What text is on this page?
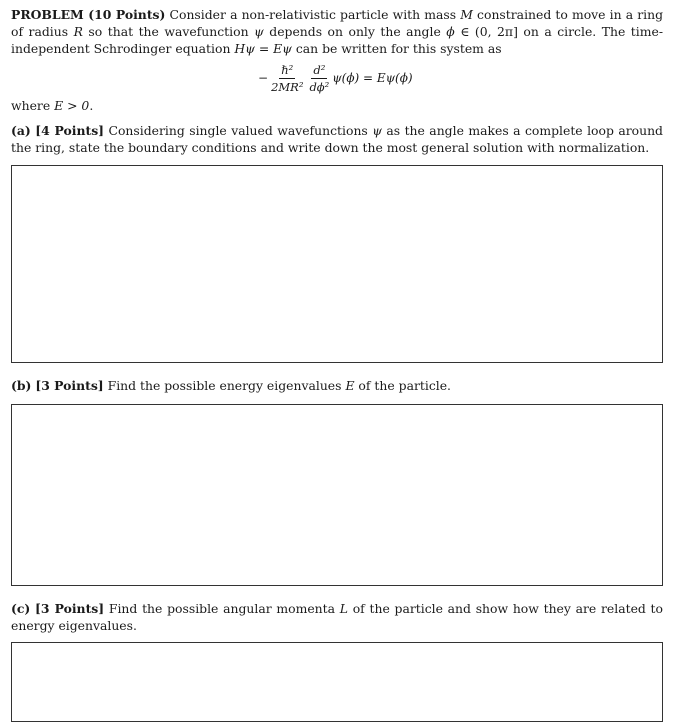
PROBLEM (10 Points) Consider a non-relativistic particle with mass M constrained to move in a ring of radius R so that the wavefunction ψ depends on only the angle ϕ ∈ (0, 2π] on a circle. The time-independent Schrodinger equation Hψ = Eψ can be written for this system as
− $\frac{\text{ℏ²}}{\text{2MR²}} \frac{\text{d²}}{\text{dϕ²}} \psi(\phi) = E\psi(\phi)$
where E > 0.
(a) [4 Points] Considering single valued wavefunctions ψ as the angle makes a complete loop around the ring, state the boundary conditions and write down the most general solution with normalization.
(b) [3 Points] Find the possible energy eigenvalues E of the particle.
(c) [3 Points] Find the possible angular momenta L of the particle and show how they are related to energy eigenvalues.
